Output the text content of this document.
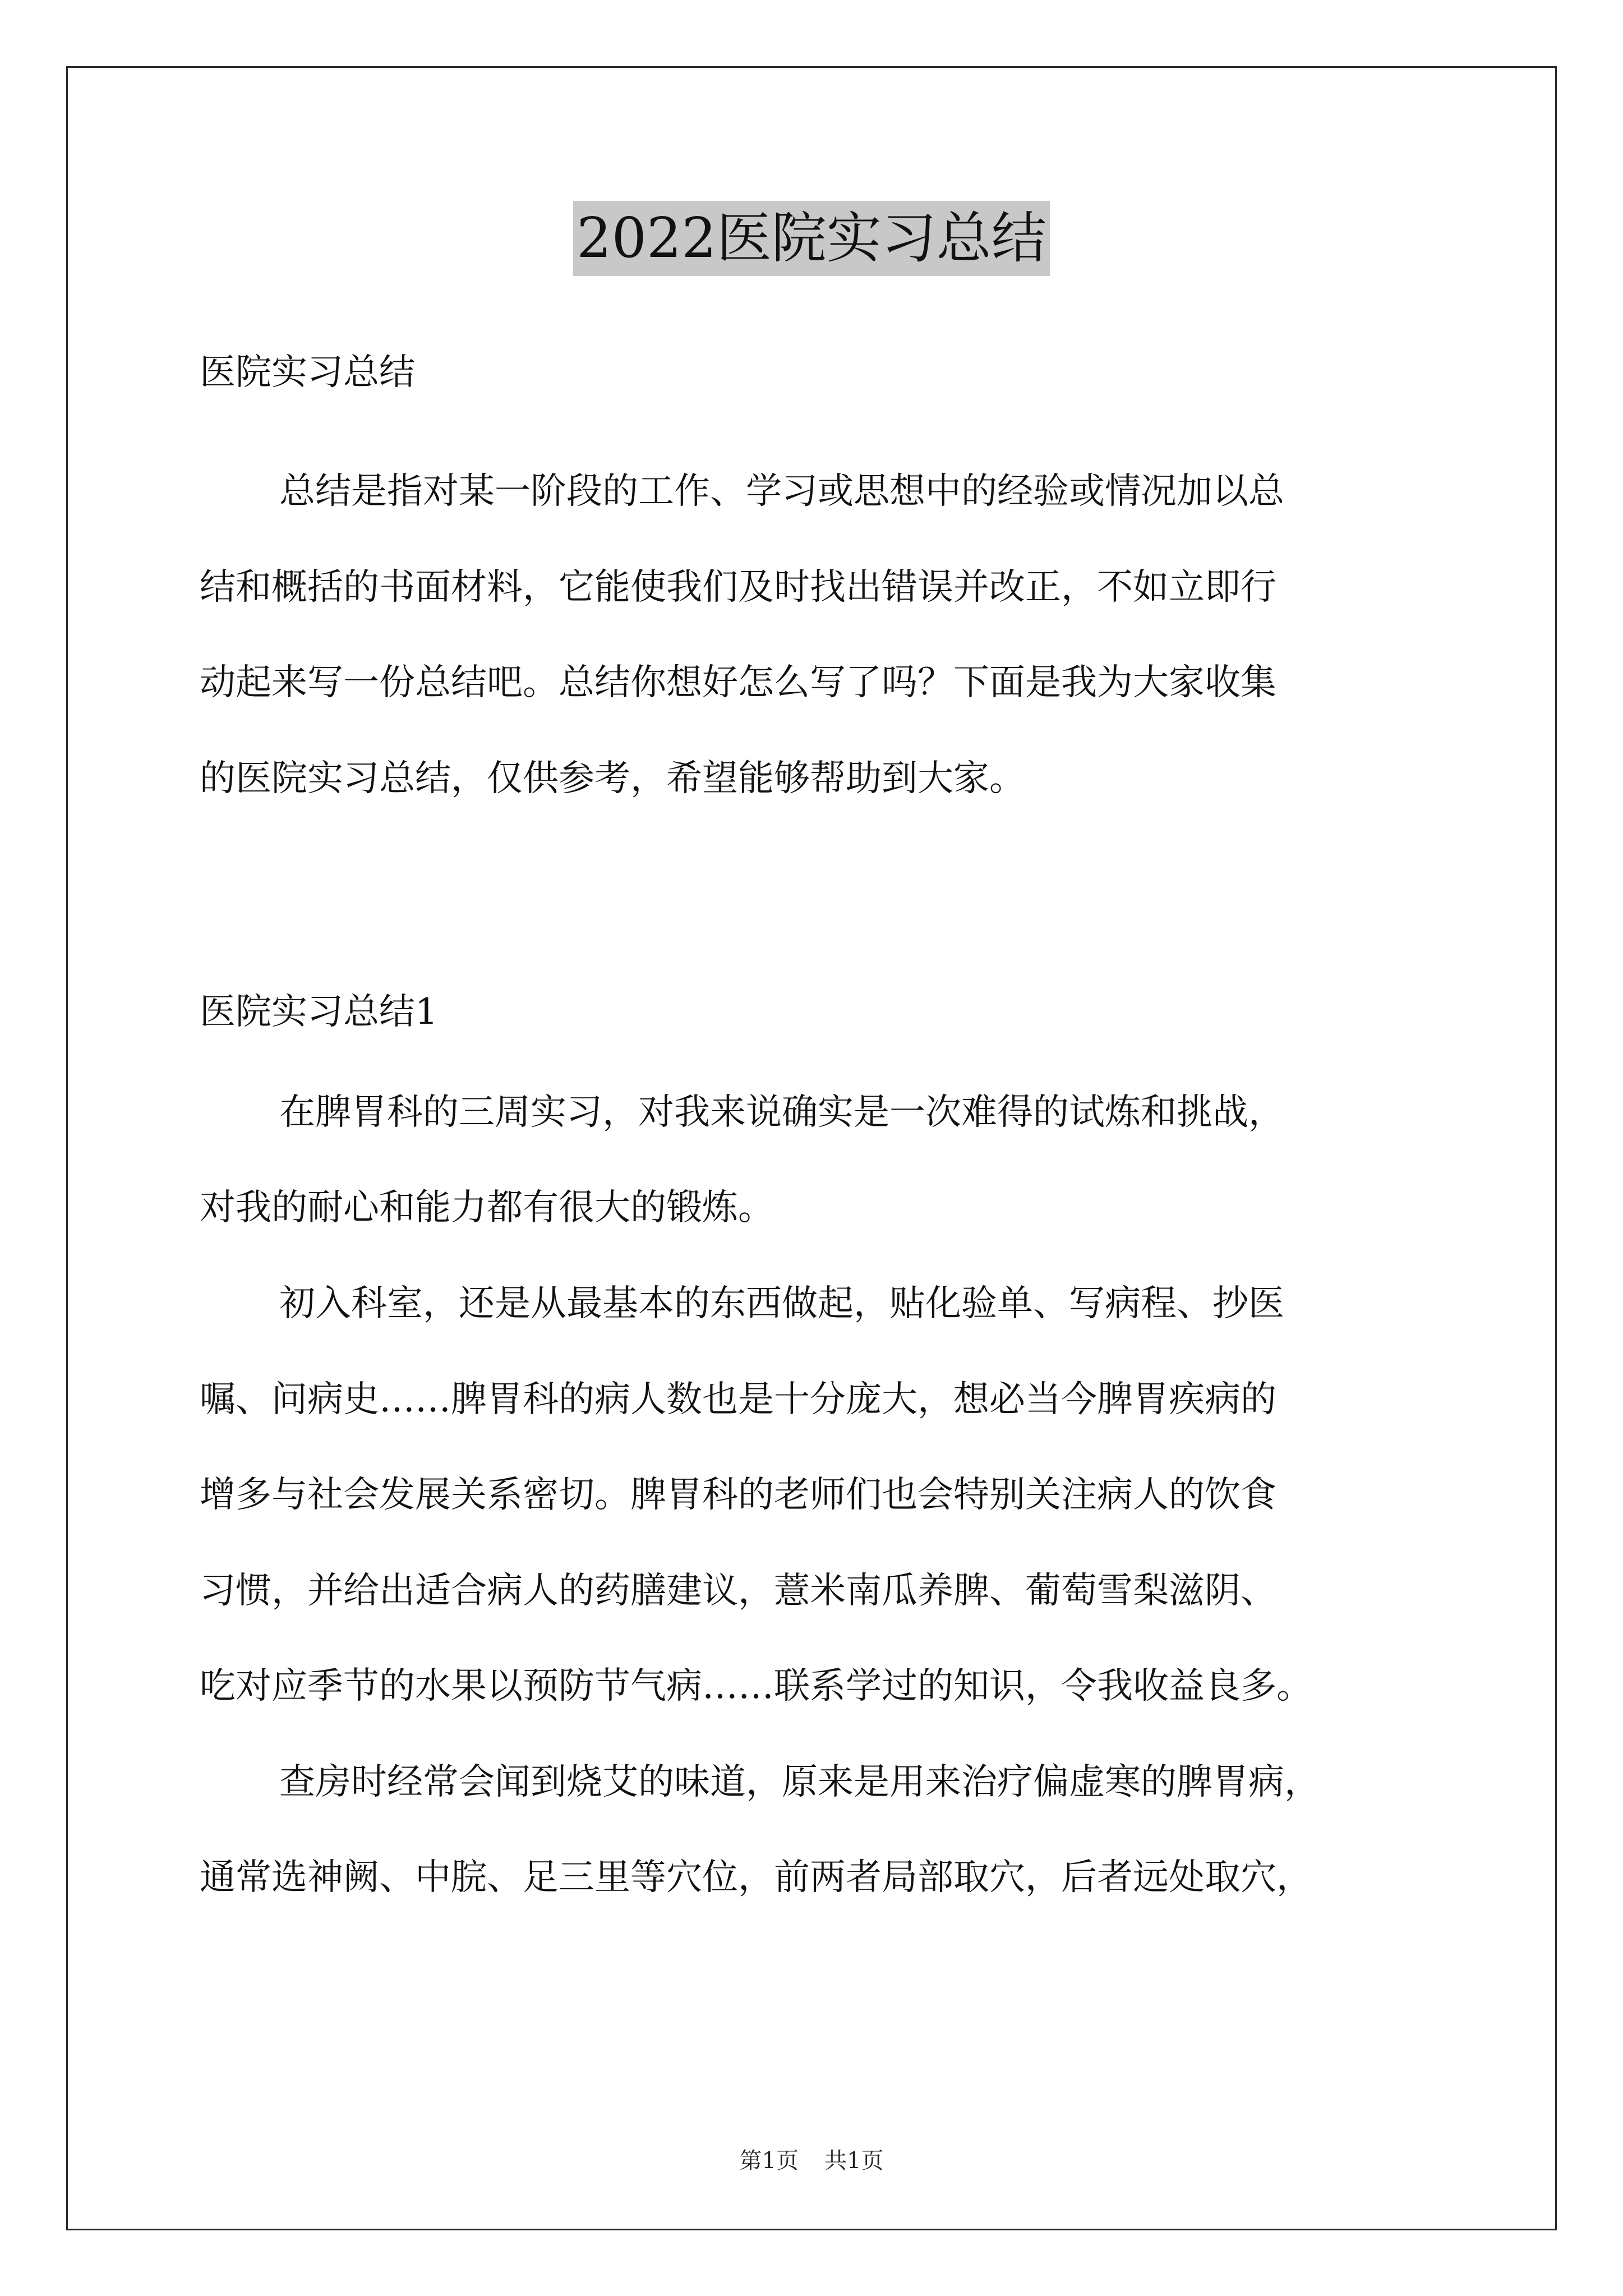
2022医院实习总结
医院实习总结
总结是指对某一阶段的工作、学习或思想中的经验或情况加以总
结和概括的书面材料，它能使我们及时找出错误并改正，不如立即行
动起来写一份总结吧。总结你想好怎么写了吗？下面是我为大家收集
的医院实习总结，仅供参考，希望能够帮助到大家。
医院实习总结1
在脾胃科的三周实习，对我来说确实是一次难得的试炼和挑战，
对我的耐心和能力都有很大的锻炼。
初入科室，还是从最基本的东西做起，贴化验单、写病程、抄医
嘱、问病史……脾胃科的病人数也是十分庞大，想必当今脾胃疾病的
增多与社会发展关系密切。脾胃科的老师们也会特别关注病人的饮食
习惯，并给出适合病人的药膳建议，薏米南瓜养脾、葡萄雪梨滋阴、
吃对应季节的水果以预防节气病……联系学过的知识，令我收益良多。
查房时经常会闻到烧艾的味道，原来是用来治疗偏虚寒的脾胃病，
通常选神阙、中脘、足三里等穴位，前两者局部取穴，后者远处取穴，
第1页 共1页
